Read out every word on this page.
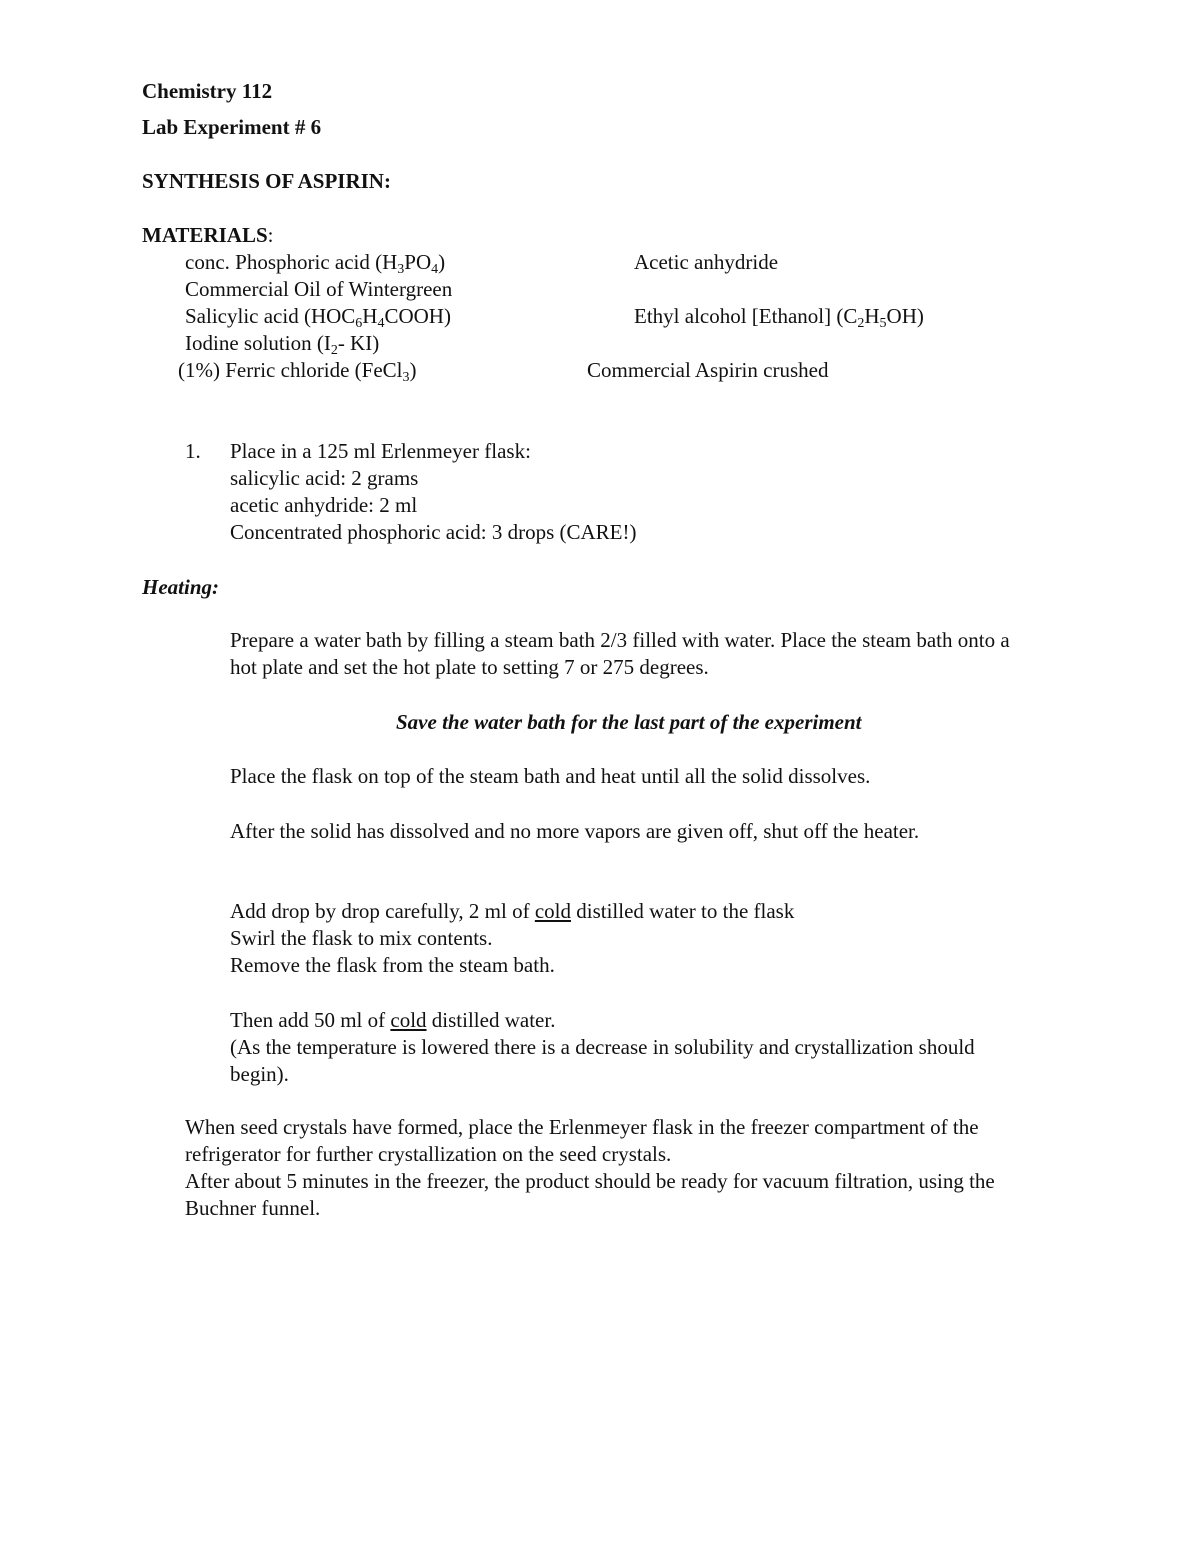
Chemistry 112
Lab Experiment # 6
SYNTHESIS OF ASPIRIN:
MATERIALS:
conc. Phosphoric acid $(H_3PO_4)$
Commercial Oil of Wintergreen
Salicylic acid $(HOC_6H_4COOH)$
Iodine solution ($I_2-$ KI)
(1%) Ferric chloride (FeCl$_3$)
Acetic anhydride
Ethyl alcohol [Ethanol] $(C_2H_5OH)$
Commercial Aspirin crushed
1. Place in a 125 ml Erlenmeyer flask:
salicylic acid: 2 grams
acetic anhydride: 2 ml
Concentrated phosphoric acid: 3 drops (CARE!)
Heating:
Prepare a water bath by filling a steam bath 2/3 filled with water. Place the steam bath onto a
hot plate and set the hot plate to setting 7 or 275 degrees.
Save the water bath for the last part of the experiment
Place the flask on top of the steam bath and heat until all the solid dissolves.
After the solid has dissolved and no more vapors are given off, shut off the heater.
Add drop by drop carefully, 2 ml of cold distilled water to the flask
Swirl the flask to mix contents.
Remove the flask from the steam bath.
Then add 50 ml of cold distilled water.
(As the temperature is lowered there is a decrease in solubility and crystallization should
begin).
When seed crystals have formed, place the Erlenmeyer flask in the freezer compartment of the
refrigerator for further crystallization on the seed crystals.
After about 5 minutes in the freezer, the product should be ready for vacuum filtration, using the
Buchner funnel.
